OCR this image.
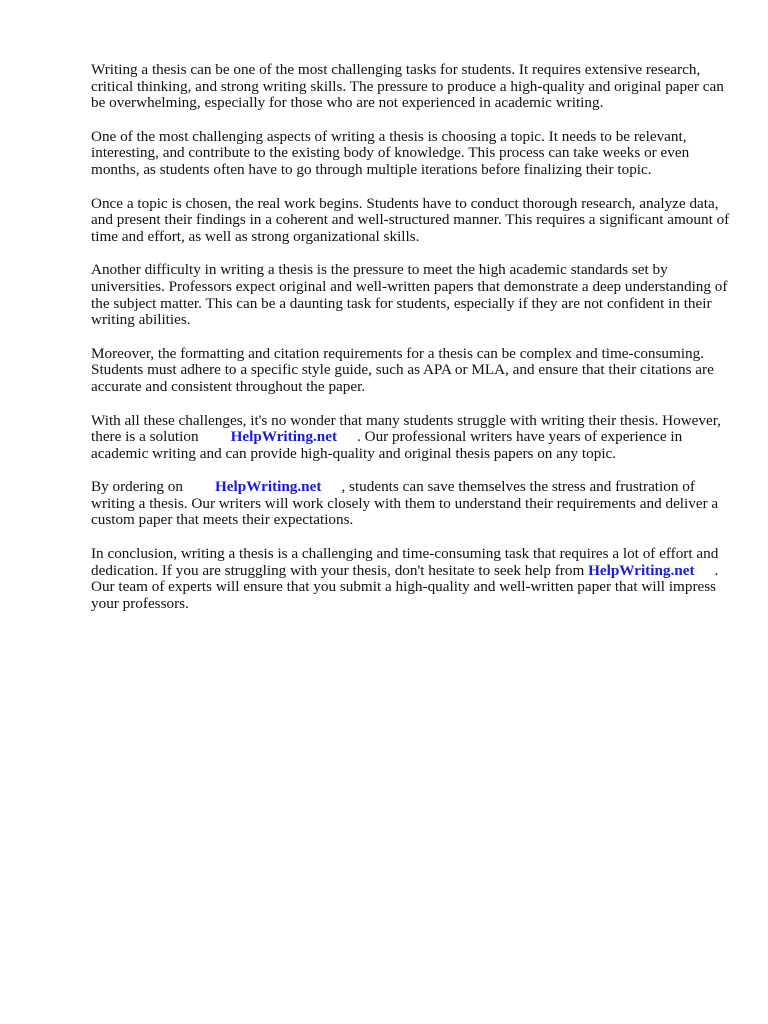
Writing a thesis can be one of the most challenging tasks for students. It requires extensive research, critical thinking, and strong writing skills. The pressure to produce a high-quality and original paper can be overwhelming, especially for those who are not experienced in academic writing.

One of the most challenging aspects of writing a thesis is choosing a topic. It needs to be relevant, interesting, and contribute to the existing body of knowledge. This process can take weeks or even months, as students often have to go through multiple iterations before finalizing their topic.

Once a topic is chosen, the real work begins. Students have to conduct thorough research, analyze data, and present their findings in a coherent and well-structured manner. This requires a significant amount of time and effort, as well as strong organizational skills.

Another difficulty in writing a thesis is the pressure to meet the high academic standards set by universities. Professors expect original and well-written papers that demonstrate a deep understanding of the subject matter. This can be a daunting task for students, especially if they are not confident in their writing abilities.

Moreover, the formatting and citation requirements for a thesis can be complex and time-consuming. Students must adhere to a specific style guide, such as APA or MLA, and ensure that their citations are accurate and consistent throughout the paper.

With all these challenges, it's no wonder that many students struggle with writing their thesis. However, there is a solution HelpWriting.net . Our professional writers have years of experience in academic writing and can provide high-quality and original thesis papers on any topic.

By ordering on HelpWriting.net , students can save themselves the stress and frustration of writing a thesis. Our writers will work closely with them to understand their requirements and deliver a custom paper that meets their expectations.

In conclusion, writing a thesis is a challenging and time-consuming task that requires a lot of effort and dedication. If you are struggling with your thesis, don't hesitate to seek help from HelpWriting.net . Our team of experts will ensure that you submit a high-quality and well-written paper that will impress your professors.
